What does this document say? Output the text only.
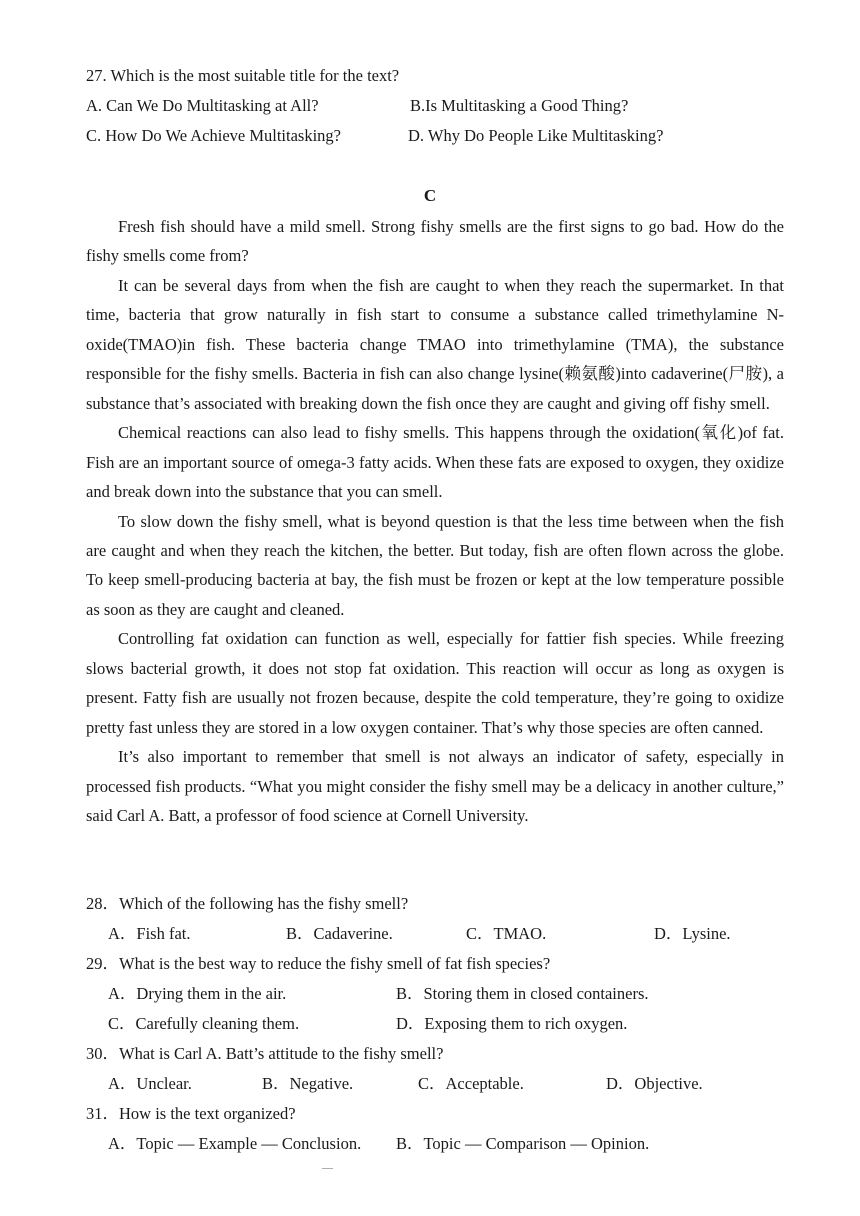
27. Which is the most suitable title for the text?
A. Can We Do Multitasking at All?	B.Is Multitasking a Good Thing?
C. How Do We Achieve Multitasking?	D. Why Do People Like Multitasking?
C

Fresh fish should have a mild smell. Strong fishy smells are the first signs to go bad. How do the fishy smells come from?

It can be several days from when the fish are caught to when they reach the supermarket. In that time, bacteria that grow naturally in fish start to consume a substance called trimethylamine N-oxide(TMAO)in fish. These bacteria change TMAO into trimethylamine (TMA), the substance responsible for the fishy smells. Bacteria in fish can also change lysine(赖氨酸)into cadaverine(尸胺), a substance that’s associated with breaking down the fish once they are caught and giving off fishy smell.

Chemical reactions can also lead to fishy smells. This happens through the oxidation(氧化)of fat. Fish are an important source of omega-3 fatty acids. When these fats are exposed to oxygen, they oxidize and break down into the substance that you can smell.

To slow down the fishy smell, what is beyond question is that the less time between when the fish are caught and when they reach the kitchen, the better. But today, fish are often flown across the globe. To keep smell-producing bacteria at bay, the fish must be frozen or kept at the low temperature possible as soon as they are caught and cleaned.

Controlling fat oxidation can function as well, especially for fattier fish species. While freezing slows bacterial growth, it does not stop fat oxidation. This reaction will occur as long as oxygen is present. Fatty fish are usually not frozen because, despite the cold temperature, they’re going to oxidize pretty fast unless they are stored in a low oxygen container. That’s why those species are often canned.

It’s also important to remember that smell is not always an indicator of safety, especially in processed fish products. “What you might consider the fishy smell may be a delicacy in another culture,” said Carl A. Batt, a professor of food science at Cornell University.

28．Which of the following has the fishy smell?
A．Fish fat.	B．Cadaverine.	C．TMAO.	D．Lysine.
29．What is the best way to reduce the fishy smell of fat fish species?
A．Drying them in the air.	B．Storing them in closed containers.
C．Carefully cleaning them.	D．Exposing them to rich oxygen.
30．What is Carl A. Batt’s attitude to the fishy smell?
A．Unclear.	B．Negative.	C．Acceptable.	D．Objective.
31．How is the text organized?
A．Topic — Example — Conclusion. B．Topic — Comparison — Opinion.
—
